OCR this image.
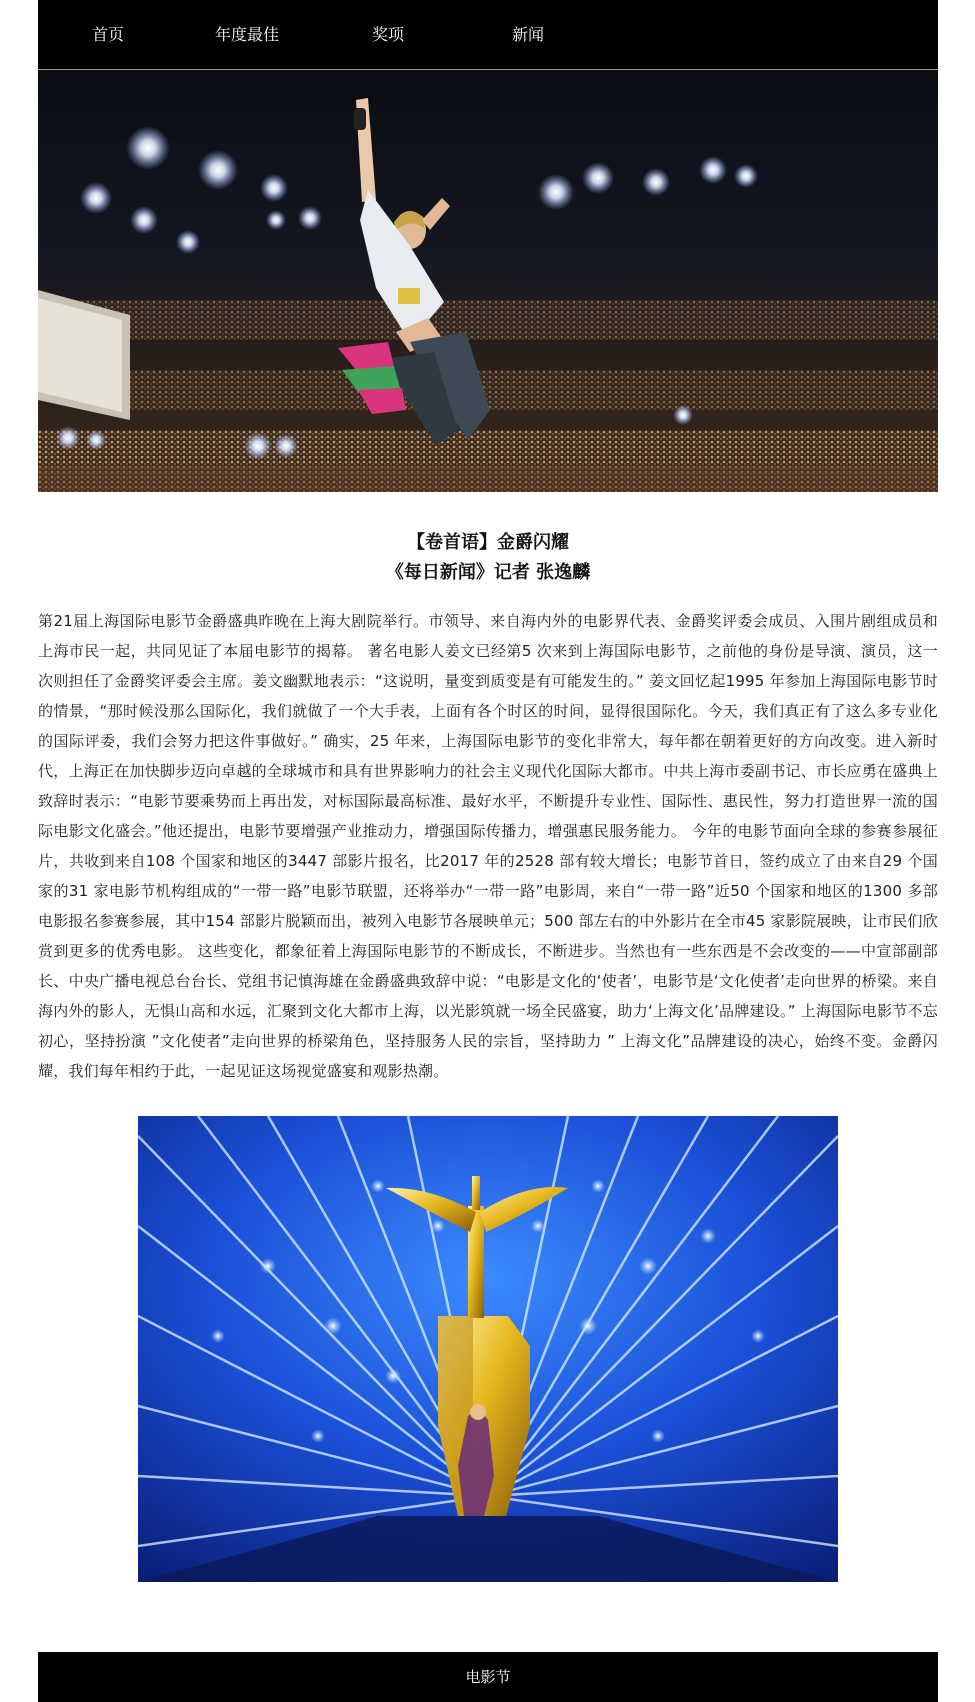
首页	年度最佳	奖项	新闻
【卷首语】金爵闪耀
《每日新闻》记者 张逸麟
第21届上海国际电影节金爵盛典昨晚在上海大剧院举行。市领导、来自海内外的电影界代表、金爵奖评委会成员、入围片剧组成员和上海市民一起，共同见证了本届电影节的揭幕。 著名电影人姜文已经第5 次来到上海国际电影节，之前他的身份是导演、演员，这一次则担任了金爵奖评委会主席。姜文幽默地表示：“这说明，量变到质变是有可能发生的。” 姜文回忆起1995 年参加上海国际电影节时的情景，“那时候没那么国际化，我们就做了一个大手表，上面有各个时区的时间，显得很国际化。今天，我们真正有了这么多专业化的国际评委，我们会努力把这件事做好。” 确实，25 年来，上海国际电影节的变化非常大，每年都在朝着更好的方向改变。进入新时代，上海正在加快脚步迈向卓越的全球城市和具有世界影响力的社会主义现代化国际大都市。中共上海市委副书记、市长应勇在盛典上致辞时表示：“电影节要乘势而上再出发，对标国际最高标准、最好水平，不断提升专业性、国际性、惠民性，努力打造世界一流的国际电影文化盛会。”他还提出，电影节要增强产业推动力，增强国际传播力，增强惠民服务能力。 今年的电影节面向全球的参赛参展征片，共收到来自108 个国家和地区的3447 部影片报名，比2017 年的2528 部有较大增长；电影节首日，签约成立了由来自29 个国家的31 家电影节机构组成的“一带一路”电影节联盟，还将举办“一带一路”电影周，来自“一带一路”近50 个国家和地区的1300 多部电影报名参赛参展，其中154 部影片脱颖而出，被列入电影节各展映单元；500 部左右的中外影片在全市45 家影院展映，让市民们欣赏到更多的优秀电影。 这些变化，都象征着上海国际电影节的不断成长，不断进步。当然也有一些东西是不会改变的——中宣部副部长、中央广播电视总台台长、党组书记慎海雄在金爵盛典致辞中说：“电影是文化的‘使者’，电影节是‘文化使者’走向世界的桥梁。来自海内外的影人，无惧山高和水远，汇聚到文化大都市上海，以光影筑就一场全民盛宴，助力‘上海文化’品牌建设。” 上海国际电影节不忘初心，坚持扮演 ”文化使者”走向世界的桥梁角色，坚持服务人民的宗旨，坚持助力 ” 上海文化”品牌建设的决心，始终不变。金爵闪耀，我们每年相约于此，一起见证这场视觉盛宴和观影热潮。
电影节
